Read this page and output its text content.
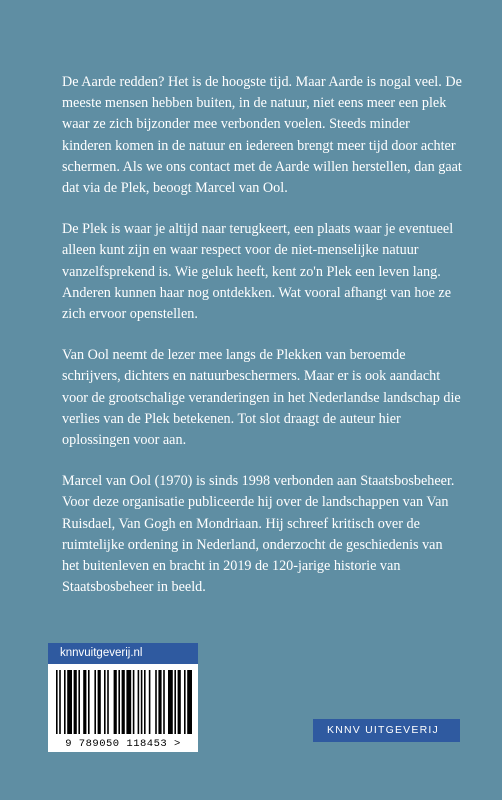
De Aarde redden? Het is de hoogste tijd. Maar Aarde is nogal veel. De meeste mensen hebben buiten, in de natuur, niet eens meer een plek waar ze zich bijzonder mee verbonden voelen. Steeds minder kinderen komen in de natuur en iedereen brengt meer tijd door achter schermen. Als we ons contact met de Aarde willen herstellen, dan gaat dat via de Plek, beoogt Marcel van Ool.

De Plek is waar je altijd naar terugkeert, een plaats waar je eventueel alleen kunt zijn en waar respect voor de niet-menselijke natuur vanzelfsprekend is. Wie geluk heeft, kent zo'n Plek een leven lang. Anderen kunnen haar nog ontdekken. Wat vooral afhangt van hoe ze zich ervoor openstellen.

Van Ool neemt de lezer mee langs de Plekken van beroemde schrijvers, dichters en natuurbeschermers. Maar er is ook aandacht voor de grootschalige veranderingen in het Nederlandse landschap die verlies van de Plek betekenen. Tot slot draagt de auteur hier oplossingen voor aan.

Marcel van Ool (1970) is sinds 1998 verbonden aan Staatsbosbeheer. Voor deze organisatie publiceerde hij over de landschappen van Van Ruisdael, Van Gogh en Mondriaan. Hij schreef kritisch over de ruimtelijke ordening in Nederland, onderzocht de geschiedenis van het buitenleven en bracht in 2019 de 120-jarige historie van Staatsbosbeheer in beeld.

knnvuitgeverij.nl
9 789050 118453 >
KNNV UITGEVERIJ
